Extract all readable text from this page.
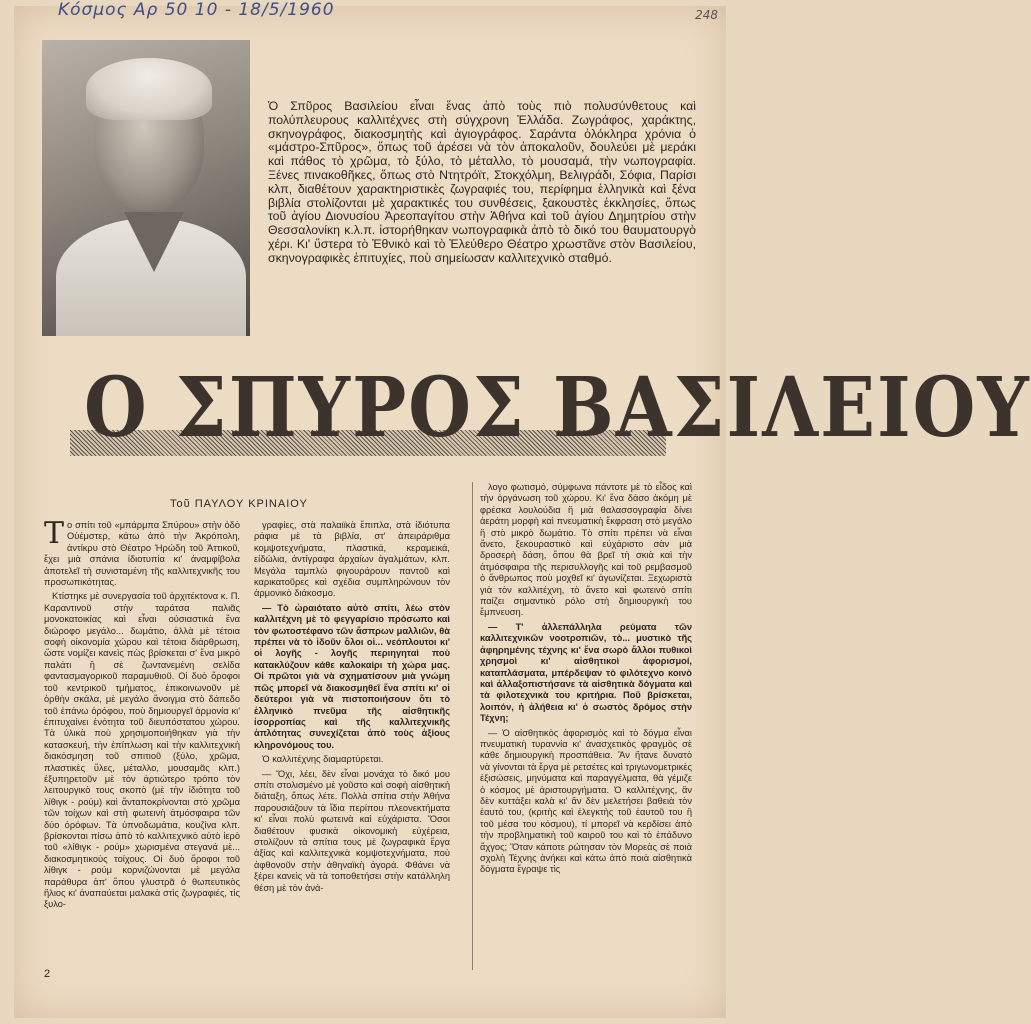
Κόσμος Αρ 50 10 - 18/5/1960	248
Ὁ Σπῦρος Βασιλείου εἶναι ἕνας ἀπὸ τοὺς πιὸ πολυσύνθετους καὶ πολύπλευρους καλλιτέχνες στὴ σύγχρονη Ἑλλάδα. Ζωγράφος, χαράκτης, σκηνογράφος, διακοσμητὴς καὶ ἁγιογράφος. Σαράντα ὁλόκληρα χρόνια ὁ «μάστρο-Σπῦρος», ὅπως τοῦ ἀρέσει νὰ τὸν ἀποκαλοῦν, δουλεύει μὲ μεράκι καὶ πάθος τὸ χρῶμα, τὸ ξύλο, τὸ μέταλλο, τὸ μουσαμά, τὴν νωπογραφία. Ξένες πινακοθῆκες, ὅπως στὸ Ντητρόϊτ, Στοκχόλμη, Βελιγράδι, Σόφια, Παρίσι κλπ, διαθέτουν χαρακτηριστικὲς ζωγραφιές του, περίφημα ἑλληνικὰ καὶ ξένα βιβλία στολίζονται μὲ χαρακτικές του συνθέσεις, ξακουστὲς ἐκκλησίες, ὅπως τοῦ ἁγίου Διονυσίου Ἀρεοπαγίτου στὴν Ἀθήνα καὶ τοῦ ἁγίου Δημητρίου στὴν Θεσσαλονίκη κ.λ.π. ἱστορήθηκαν νωπογραφικὰ ἀπὸ τὸ δικό του θαυματουργὸ χέρι. Κι' ὕστερα τὸ Ἐθνικὸ καὶ τὸ Ἐλεύθερο Θέατρο χρωστᾶνε στὸν Βασιλείου, σκηνογραφικὲς ἐπιτυχίες, ποὺ σημείωσαν καλλιτεχνικὸ σταθμό.
Ο ΣΠΥΡΟΣ ΒΑΣΙΛΕΙΟΥ
Τοῦ ΠΑΥΛΟΥ ΚΡΙΝΑΙΟΥ

Το σπίτι τοῦ «μπάρμπα Σπύρου» στὴν ὁδὸ Οὐέμστερ, κάτω ἀπὸ τὴν Ἀκρόπολη, ἀντίκρυ στὸ Θέατρο Ἡρώδη τοῦ Ἀττικοῦ, ἔχει μιὰ σπάνια ἰδιοτυπία κι' ἀναμφίβολα ἀποτελεῖ τὴ συνισταμένη τῆς καλλιτεχνικῆς του προσωπικότητας.

Κτίστηκε μὲ συνεργασία τοῦ ἀρχιτέκτονα κ. Π. Καραντινοῦ στὴν ταράτσα παλιᾶς μονοκατοικίας καὶ εἶναι οὐσιαστικὰ ἕνα διώροφο μεγάλο... δωμάτιο, ἀλλὰ μὲ τέτοια σοφὴ οἰκονομία χώρου καὶ τέτοια διάρθρωση, ὥστε νομίζει κανεὶς πὼς βρίσκεται σ' ἕνα μικρὸ παλάτι ἢ σὲ ζωντανεμένη σελίδα φαντασμαγορικοῦ παραμυθιοῦ. Οἱ δυὸ ὄροφοι τοῦ κεντρικοῦ τμήματος, ἐπικοινωνοῦν μὲ ὀρθὴν σκάλα, μὲ μεγάλο ἄνοιγμα στὸ δάπεδο τοῦ ἐπάνω ὀρόφου, ποὺ δημιουργεῖ ἁρμονία κι' ἐπιτυχαίνει ἑνότητα τοῦ διευπόστατου χώρου. Τὰ ὑλικὰ ποὺ χρησιμοποιήθηκαν γιὰ τὴν κατασκευή, τὴν ἐπίπλωση καὶ τὴν καλλιτεχνικὴ διακόσμηση τοῦ σπιτιοῦ (ξύλο, χρῶμα, πλαστικὲς ὕλες, μέταλλο, μουσαμᾶς κλπ.) ἐξυπηρετοῦν μὲ τὸν ἀρτιώτερο τρόπο τὸν λειτουργικὸ τους σκοπὸ (μὲ τὴν ἰδιότητα τοῦ λίθιγκ - ρούμ) καὶ ἄνταποκρίνονται στὸ χρῶμα τῶν τοίχων καὶ στὴ φωτεινὴ ἀτμόσφαιρα τῶν δύο ὀρόφων. Τὰ ὑπνοδωμάτια, κουζίνα κλπ. βρίσκονται πίσω ἀπὸ τὸ καλλιτεχνικὸ αὐτὸ ἱερὸ τοῦ «λίθιγκ - ρούμ» χωρισμένα στεγανά μὲ... διακοσμητικοὺς τοίχους. Οἱ δυὸ ὄροφοι τοῦ λίθιγκ - ρούμ κορνιζώνονται μὲ μεγάλα παράθυρα ἀπ' ὅπου γλυστρᾶ ὁ θωπευτικὸς ἥλιος κι' ἀναπαύεται μαλακὰ στὶς ζωγραφιές, τὶς ξυλο-

γραφίες, στὰ παλαιϊκὰ ἔπιπλα, στὰ ἰδιότυπα ράφια μὲ τὰ βιβλία, στ' ἀπειράριθμα κομψοτεχνήματα, πλαστικά, κεραμεικά, εἰδώλια, ἀντίγραφα ἀρχαίων ἀγαλμάτων, κλπ. Μεγάλα ταμπλὼ φιγουράρουν παντοῦ καὶ καρικατοῦρες καὶ σχέδια συμπληρώνουν τὸν ἁρμονικὸ διάκοσμο.

— Τὸ ὡραιότατο αὐτὸ σπίτι, λέω στὸν καλλιτέχνη μὲ τὸ φεγγαρίσιο πρόσωπο καὶ τὸν φωτοστέφανο τῶν ἄσπρων μαλλιῶν, θὰ πρέπει νὰ τὸ ἰδοῦν ὅλοι οἱ... νεόπλουτοι κι' οἱ λογῆς - λογῆς περιηγηταὶ ποὺ κατακλύζουν κάθε καλοκαίρι τὴ χώρα μας. Οἱ πρῶτοι γιὰ νὰ σχηματίσουν μιὰ γνώμη πῶς μπορεῖ νὰ διακοσμηθεῖ ἕνα σπίτι κι' οἱ δεύτεροι γιὰ νὰ πιστοποιήσουν ὅτι τὸ ἑλληνικὸ πνεῦμα τῆς αἰσθητικῆς ἰσορροπίας καὶ τῆς καλλιτεχνικῆς ἁπλότητας συνεχίζεται ἀπὸ τοὺς ἀξίους κληρονόμους του.

Ὁ καλλιτέχνης διαμαρτύρεται.

— Ὄχι, λέει, δὲν εἶναι μονάχα τὸ δικό μου σπίτι στολισμένο μὲ γοῦστο καὶ σοφὴ αἰσθητικὴ διάταξη, ὅπως λέτε. Πολλὰ σπίτια στὴν Ἀθήνα παρουσιάζουν τὰ ἴδια περίπου πλεονεκτήματα κι' εἶναι πολὺ φωτεινὰ καὶ εὐχάριστα. Ὅσοι διαθέτουν φυσικὰ οἰκονομικὴ εὐχέρεια, στολίζουν τὰ σπίτια τους μὲ ζωγραφικὰ ἔργα ἀξίας καὶ καλλιτεχνικὰ κομψοτεχνήματα, ποὺ ἀφθονοῦν στὴν ἀθηναϊκὴ ἀγορά. Φθάνει νὰ ξέρει κανεὶς νὰ τὰ τοποθετήσει στὴν κατάλληλη θέση μὲ τὸν ἀνά-

λογο φωτισμό, σύμφωνα πάντοτε μὲ τὸ εἶδος καὶ τὴν ὀργάνωση τοῦ χώρου. Κι' ἕνα δάσο ἀκόμη μὲ φρέσκα λουλούδια ἢ μιὰ θαλασσογραφία δίνει ἀεράτη μορφὴ καὶ πνευματικὴ ἔκφραση στὸ μεγάλο ἢ στὸ μικρὸ δωμάτιο. Τὸ σπίτι πρέπει νὰ εἶναι ἄνετο, ξεκουραστικὸ καὶ εὐχάριστο σὰν μιὰ δροσερὴ δάση, ὅπου θὰ βρεῖ τὴ σκιὰ καὶ τὴν ἀτμόσφαιρα τῆς περισυλλογῆς καὶ τοῦ ρεμβασμοῦ ὁ ἄνθρωπος ποὺ μοχθεῖ κι' ἀγωνίζεται. Ξεχωριστὰ γιὰ τὸν καλλιτέχνη, τὸ ἄνετο καὶ φωτεινὸ σπίτι παίζει σημαντικὸ ρόλο στὴ δημιουργικὴ του ἔμπνευση.

— Τ' ἀλλεπάλληλα ρεύματα τῶν καλλιτεχνικῶν νοοτροπιῶν, τὸ... μυστικὸ τῆς ἀφηρημένης τέχνης κι' ἕνα σωρὸ ἄλλοι πυθικοὶ χρησμοὶ κι' αἰσθητικοὶ ἀφορισμοί, καταπλάσματα, μπέρδεψαν τὸ φιλότεχνο κοινὸ καὶ ἀλλαξοπιστήσανε τὰ αἰσθητικὰ δόγματα καὶ τὰ φιλοτεχνικὰ του κριτήρια. Ποῦ βρίσκεται, λοιπόν, ἡ ἀλήθεια κι' ὁ σωστὸς δρόμος στὴν Τέχνη;

— Ὁ αἰσθητικὸς ἀφορισμὸς καὶ τὸ δόγμα εἶναι πνευματικὴ τυραννία κι' ἀνασχετικὸς φραγμὸς σὲ κάθε δημιουργικὴ προσπάθεια. Ἂν ἤτανε δυνατὸ νὰ γίνονται τὰ ἔργα μὲ ρετσέτες καὶ τριγωνομετρικὲς ἐξισώσεις, μηνύματα καὶ παραγγέλματα, θὰ γέμιζε ὁ κόσμος μὲ ἀριστουργήματα. Ὁ καλλιτέχνης, ἂν δὲν κυττάξει καλὰ κι' ἂν δὲν μελετήσει βαθειὰ τὸν ἑαυτό του, (κριτὴς καὶ ἐλεγκτὴς τοῦ ἑαυτοῦ του ἢ τοῦ μέσα του κόσμου), τί μπορεῖ νὰ κερδίσει ἀπὸ τὴν προβληματικὴ τοῦ καιροῦ του καὶ τὸ ἐπάδυνο ἄχγος; Ὅταν κάποτε ρώτησαν τὸν Μορεὰς σὲ ποιὰ σχολὴ Τέχνης ἀνήκει καὶ κάτω ἀπὸ ποιὰ αἰσθητικὰ δόγματα ἔγραψε τὶς

2
